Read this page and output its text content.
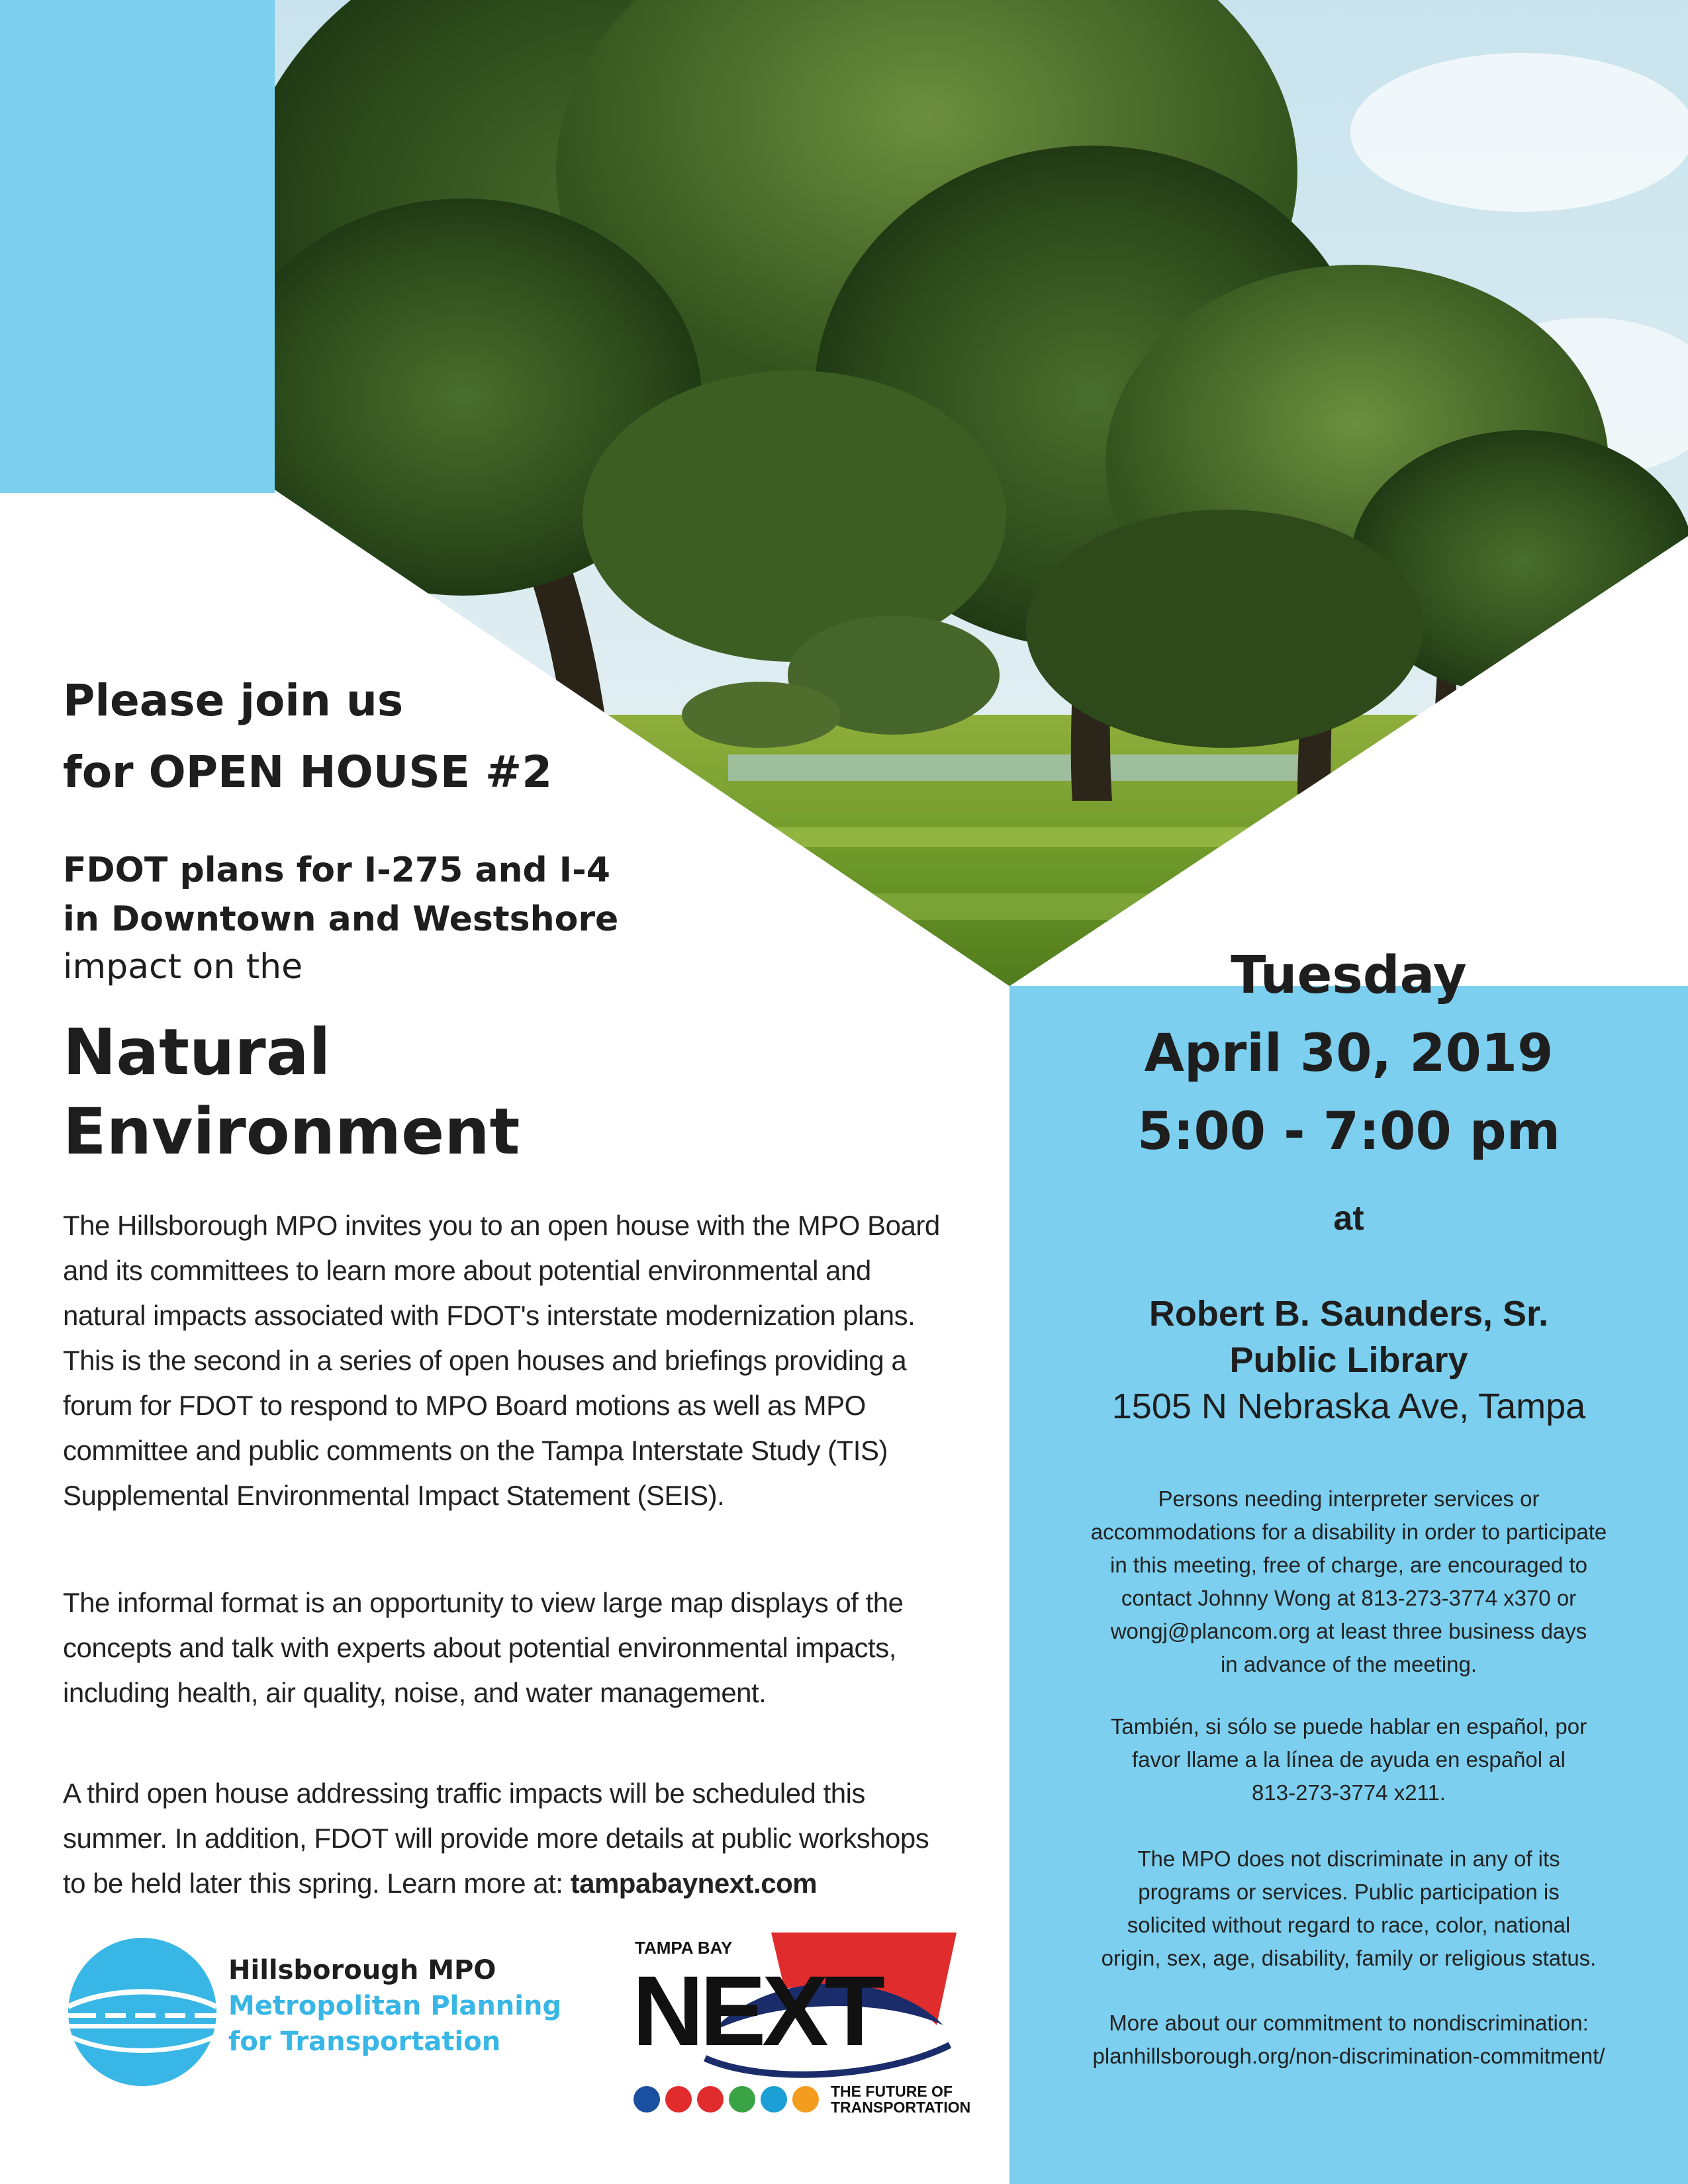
Please join us
for OPEN HOUSE #2
FDOT plans for I-275 and I-4
in Downtown and Westshore
impact on the
Natural
Environment
The Hillsborough MPO invites you to an open house with the MPO Board
and its committees to learn more about potential environmental and
natural impacts associated with FDOT's interstate modernization plans.
This is the second in a series of open houses and briefings providing a
forum for FDOT to respond to MPO Board motions as well as MPO
committee and public comments on the Tampa Interstate Study (TIS)
Supplemental Environmental Impact Statement (SEIS).
The informal format is an opportunity to view large map displays of the
concepts and talk with experts about potential environmental impacts,
including health, air quality, noise, and water management.
A third open house addressing traffic impacts will be scheduled this
summer. In addition, FDOT will provide more details at public workshops
to be held later this spring. Learn more at: tampabaynext.com
Hillsborough MPO
Metropolitan Planning
for Transportation
TAMPA BAY
NEXT
THE FUTURE OF
TRANSPORTATION
Tuesday
April 30, 2019
5:00 - 7:00 pm
at
Robert B. Saunders, Sr.
Public Library
1505 N Nebraska Ave, Tampa
Persons needing interpreter services or
accommodations for a disability in order to participate
in this meeting, free of charge, are encouraged to
contact Johnny Wong at 813-273-3774 x370 or
wongj@plancom.org at least three business days
in advance of the meeting.
También, si sólo se puede hablar en español, por
favor llame a la línea de ayuda en español al
813-273-3774 x211.
The MPO does not discriminate in any of its
programs or services. Public participation is
solicited without regard to race, color, national
origin, sex, age, disability, family or religious status.
More about our commitment to nondiscrimination:
planhillsborough.org/non-discrimination-commitment/
